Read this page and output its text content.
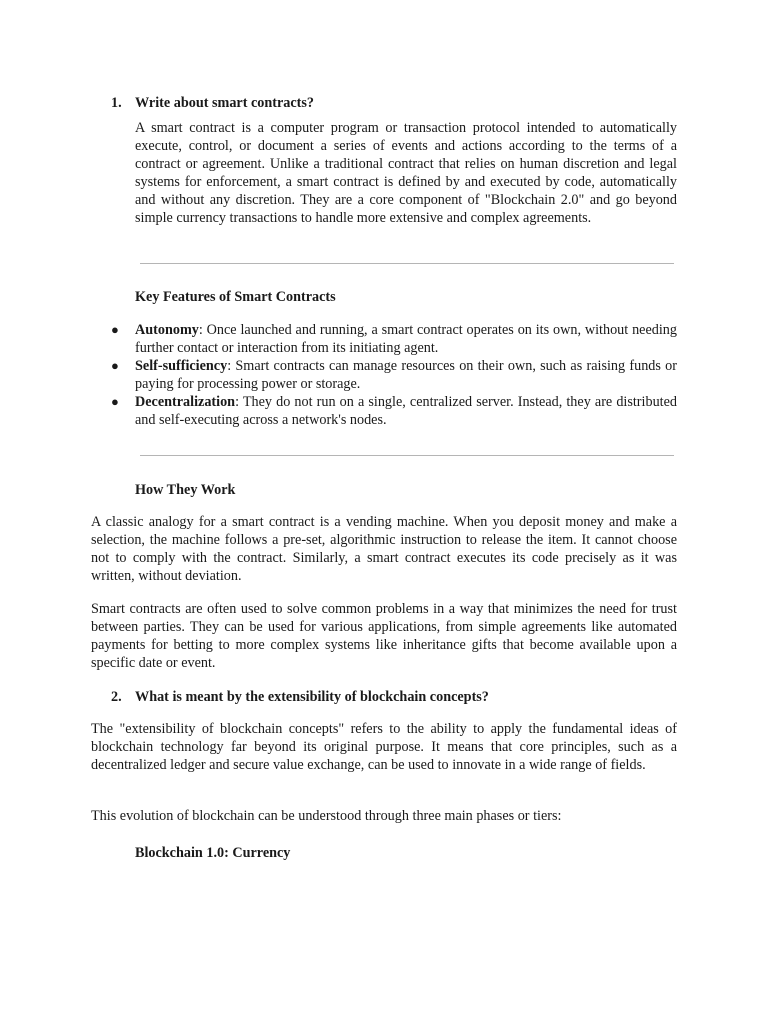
1. Write about smart contracts?

A smart contract is a computer program or transaction protocol intended to automatically execute, control, or document a series of events and actions according to the terms of a contract or agreement. Unlike a traditional contract that relies on human discretion and legal systems for enforcement, a smart contract is defined by and executed by code, automatically and without any discretion. They are a core component of "Blockchain 2.0" and go beyond simple currency transactions to handle more extensive and complex agreements.

Key Features of Smart Contracts
● Autonomy: Once launched and running, a smart contract operates on its own, without needing further contact or interaction from its initiating agent.
● Self-sufficiency: Smart contracts can manage resources on their own, such as raising funds or paying for processing power or storage.
● Decentralization: They do not run on a single, centralized server. Instead, they are distributed and self-executing across a network's nodes.
How They Work

A classic analogy for a smart contract is a vending machine. When you deposit money and make a selection, the machine follows a pre-set, algorithmic instruction to release the item. It cannot choose not to comply with the contract. Similarly, a smart contract executes its code precisely as it was written, without deviation.

Smart contracts are often used to solve common problems in a way that minimizes the need for trust between parties. They can be used for various applications, from simple agreements like automated payments for betting to more complex systems like inheritance gifts that become available upon a specific date or event.

2. What is meant by the extensibility of blockchain concepts?

The "extensibility of blockchain concepts" refers to the ability to apply the fundamental ideas of blockchain technology far beyond its original purpose. It means that core principles, such as a decentralized ledger and secure value exchange, can be used to innovate in a wide range of fields.

This evolution of blockchain can be understood through three main phases or tiers:

Blockchain 1.0: Currency
